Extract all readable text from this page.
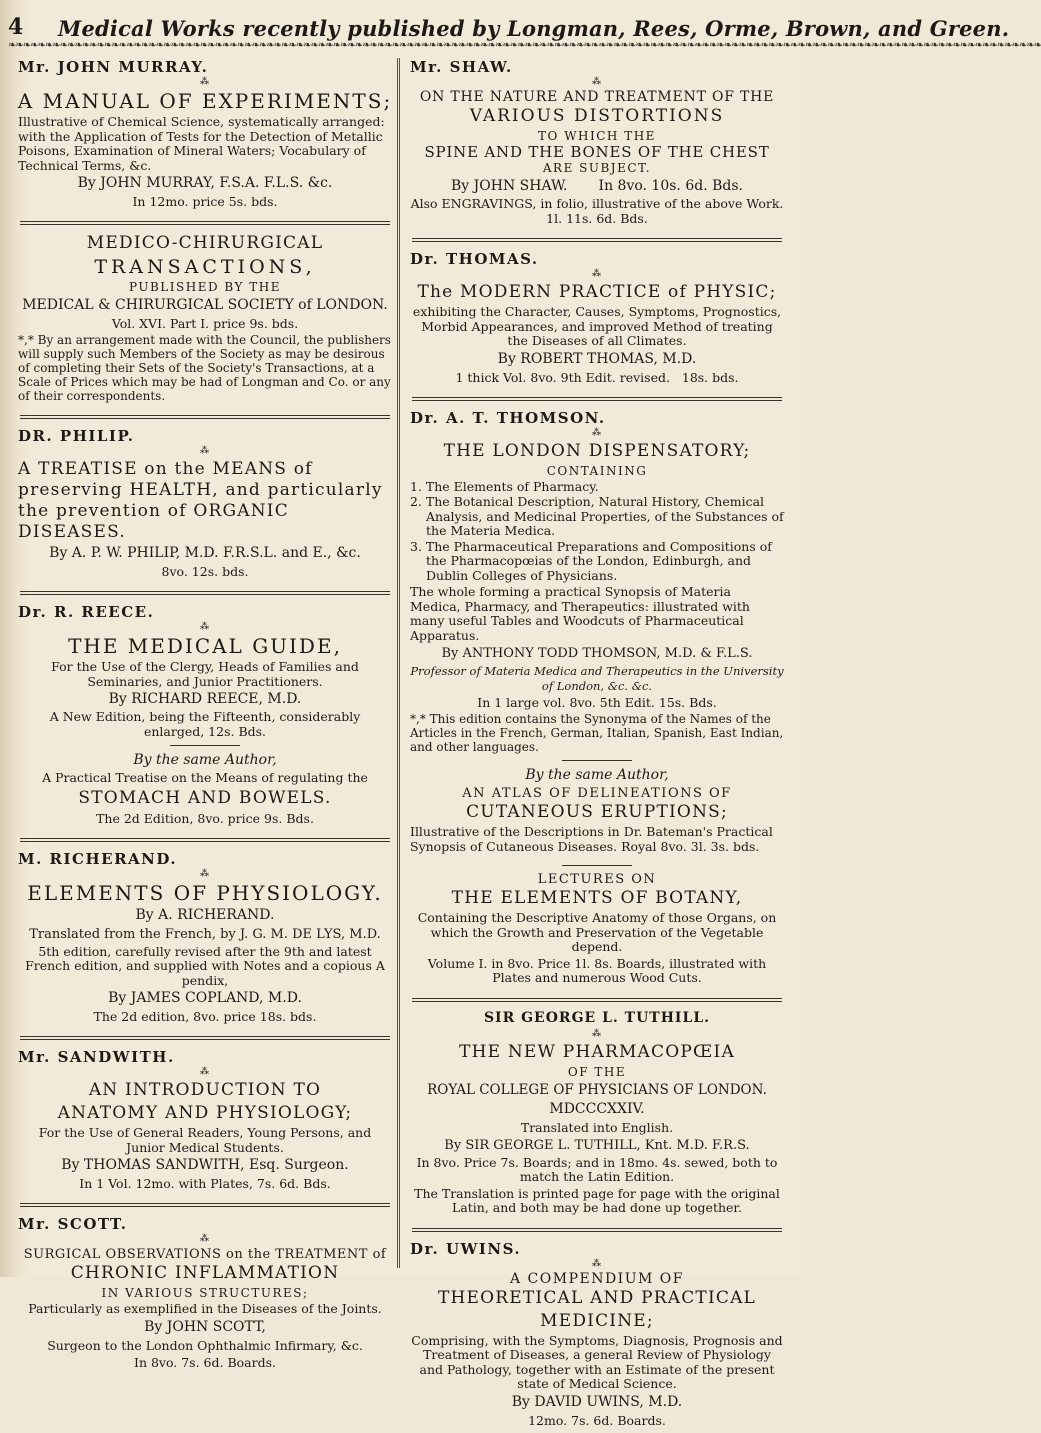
4 Medical Works recently published by Longman, Rees, Orme, Brown, and Green.
❧❧❧❧❧❧❧❧❧❧❧❧❧❧❧❧❧❧❧❧❧❧❧❧❧❧❧❧❧❧❧❧❧❧❧❧❧❧❧❧❧❧❧❧❧❧❧❧❧❧❧❧❧❧❧❧❧❧❧❧❧❧❧❧❧❧❧❧❧❧❧❧❧❧❧❧❧❧❧❧❧❧❧❧❧❧❧❧❧❧❧❧❧❧❧❧❧❧❧❧❧❧❧❧❧❧❧❧❧❧❧❧❧❧❧❧❧❧❧❧❧❧❧❧❧❧❧❧❧❧❧❧❧❧❧❧❧❧❧❧
Mr. JOHN MURRAY.
⁂
A MANUAL OF EXPERIMENTS;
Illustrative of Chemical Science, systematically arranged: with the Application of Tests for the Detection of Metallic Poisons, Examination of Mineral Waters; Vocabulary of Technical Terms, &c.
By JOHN MURRAY, F.S.A. F.L.S. &c.
In 12mo. price 5s. bds.
MEDICO-CHIRURGICAL
TRANSACTIONS,
PUBLISHED BY THE
MEDICAL & CHIRURGICAL SOCIETY of LONDON.
Vol. XVI. Part I. price 9s. bds.
*,* By an arrangement made with the Council, the publishers will supply such Members of the Society as may be desirous of completing their Sets of the Society's Transactions, at a Scale of Prices which may be had of Longman and Co. or any of their correspondents.
DR. PHILIP.
⁂
A TREATISE on the MEANS of preserving HEALTH, and particularly the prevention of ORGANIC DISEASES.
By A. P. W. PHILIP, M.D. F.R.S.L. and E., &c.
8vo. 12s. bds.
Dr. R. REECE.
⁂
THE MEDICAL GUIDE,
For the Use of the Clergy, Heads of Families and Seminaries, and Junior Practitioners.
By RICHARD REECE, M.D.
A New Edition, being the Fifteenth, considerably enlarged, 12s. Bds.
By the same Author,
A Practical Treatise on the Means of regulating the
STOMACH AND BOWELS.
The 2d Edition, 8vo. price 9s. Bds.
M. RICHERAND.
⁂
ELEMENTS OF PHYSIOLOGY.
By A. RICHERAND.
Translated from the French, by J. G. M. DE LYS, M.D.
5th edition, carefully revised after the 9th and latest French edition, and supplied with Notes and a copious A pendix,
By JAMES COPLAND, M.D.
The 2d edition, 8vo. price 18s. bds.
Mr. SANDWITH.
⁂
AN INTRODUCTION TO
ANATOMY AND PHYSIOLOGY;
For the Use of General Readers, Young Persons, and Junior Medical Students.
By THOMAS SANDWITH, Esq. Surgeon.
In 1 Vol. 12mo. with Plates, 7s. 6d. Bds.
Mr. SCOTT.
⁂
SURGICAL OBSERVATIONS on the TREATMENT of
CHRONIC INFLAMMATION
IN VARIOUS STRUCTURES;
Particularly as exemplified in the Diseases of the Joints.
By JOHN SCOTT,
Surgeon to the London Ophthalmic Infirmary, &c.
In 8vo. 7s. 6d. Boards.
Mr. SHAW.
⁂
ON THE NATURE AND TREATMENT OF THE
VARIOUS DISTORTIONS
TO WHICH THE
SPINE AND THE BONES OF THE CHEST
ARE SUBJECT.
By JOHN SHAW.       In 8vo. 10s. 6d. Bds.
Also ENGRAVINGS, in folio, illustrative of the above Work. 1l. 11s. 6d. Bds.
Dr. THOMAS.
⁂
The MODERN PRACTICE of PHYSIC;
exhibiting the Character, Causes, Symptoms, Prognostics, Morbid Appearances, and improved Method of treating the Diseases of all Climates.
By ROBERT THOMAS, M.D.
1 thick Vol. 8vo. 9th Edit. revised.   18s. bds.
Dr. A. T. THOMSON.
⁂
THE LONDON DISPENSATORY;
CONTAINING
1. The Elements of Pharmacy.
2. The Botanical Description, Natural History, Chemical Analysis, and Medicinal Properties, of the Substances of the Materia Medica.
3. The Pharmaceutical Preparations and Compositions of the Pharmacopœias of the London, Edinburgh, and Dublin Colleges of Physicians.
The whole forming a practical Synopsis of Materia Medica, Pharmacy, and Therapeutics: illustrated with many useful Tables and Woodcuts of Pharmaceutical Apparatus.
By ANTHONY TODD THOMSON, M.D. & F.L.S.
Professor of Materia Medica and Therapeutics in the University of London, &c. &c.
In 1 large vol. 8vo. 5th Edit. 15s. Bds.
*,* This edition contains the Synonyma of the Names of the Articles in the French, German, Italian, Spanish, East Indian, and other languages.
By the same Author,
AN ATLAS OF DELINEATIONS OF
CUTANEOUS ERUPTIONS;
Illustrative of the Descriptions in Dr. Bateman's Practical Synopsis of Cutaneous Diseases. Royal 8vo. 3l. 3s. bds.
LECTURES ON
THE ELEMENTS OF BOTANY,
Containing the Descriptive Anatomy of those Organs, on which the Growth and Preservation of the Vegetable depend.
Volume I. in 8vo. Price 1l. 8s. Boards, illustrated with Plates and numerous Wood Cuts.
SIR GEORGE L. TUTHILL.
⁂
THE NEW PHARMACOPŒIA
OF THE
ROYAL COLLEGE OF PHYSICIANS OF LONDON.
MDCCCXXIV.
Translated into English.
By SIR GEORGE L. TUTHILL, Knt. M.D. F.R.S.
In 8vo. Price 7s. Boards; and in 18mo. 4s. sewed, both to match the Latin Edition.
The Translation is printed page for page with the original Latin, and both may be had done up together.
Dr. UWINS.
⁂
A COMPENDIUM OF
THEORETICAL AND PRACTICAL
MEDICINE;
Comprising, with the Symptoms, Diagnosis, Prognosis and Treatment of Diseases, a general Review of Physiology and Pathology, together with an Estimate of the present state of Medical Science.
By DAVID UWINS, M.D.
12mo. 7s. 6d. Boards.
